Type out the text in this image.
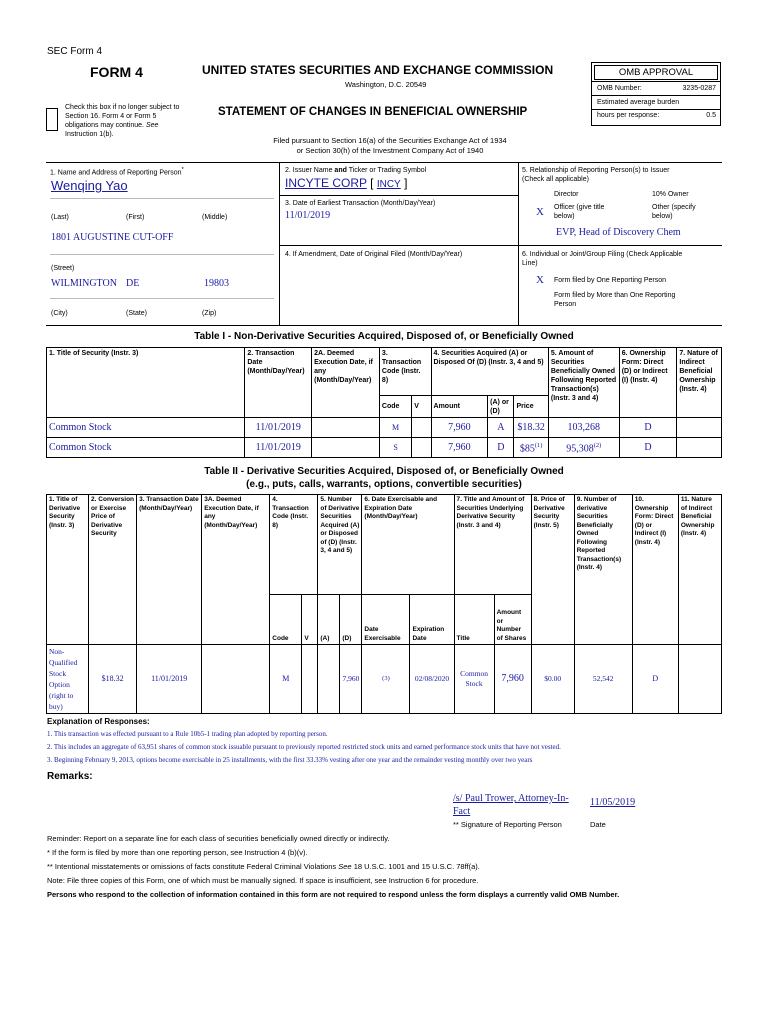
SEC Form 4
FORM 4	UNITED STATES SECURITIES AND EXCHANGE COMMISSION
Washington, D.C. 20549
Check this box if no longer subject to
Section 16. Form 4 or Form 5
obligations may continue. See
Instruction 1(b).
STATEMENT OF CHANGES IN BENEFICIAL OWNERSHIP
Filed pursuant to Section 16(a) of the Securities Exchange Act of 1934
or Section 30(h) of the Investment Company Act of 1940
OMB APPROVAL
OMB Number:	3235-0287
Estimated average burden
hours per response:	0.5
1. Name and Address of Reporting Person*
Wenqing Yao
(Last)	(First)	(Middle)
1801 AUGUSTINE CUT-OFF
(Street)
WILMINGTON DE	19803
(City)	(State)	(Zip)
2. Issuer Name and Ticker or Trading Symbol
INCYTE CORP [ INCY ]
3. Date of Earliest Transaction (Month/Day/Year)
11/01/2019
4. If Amendment, Date of Original Filed (Month/Day/Year)
5. Relationship of Reporting Person(s) to Issuer
(Check all applicable)
Director	10% Owner
X Officer (give title
below)
Other (specify
below)
EVP, Head of Discovery Chem
6. Individual or Joint/Group Filing (Check Applicable
Line)
X Form filed by One Reporting Person
Form filed by More than One Reporting
Person
Table I - Non-Derivative Securities Acquired, Disposed of, or Beneficially Owned
1. Title of Security (Instr. 3)	2. Transaction Date (Month/Day/Year)	2A. Deemed Execution Date, if any (Month/Day/Year)	3. Transaction Code (Instr. 8)		4. Securities Acquired (A) or Disposed Of (D) (Instr. 3, 4 and 5)			5. Amount of Securities Beneficially Owned Following Reported Transaction(s) (Instr. 3 and 4)	6. Ownership Form: Direct (D) or Indirect (I) (Instr. 4)	7. Nature of Indirect Beneficial Ownership (Instr. 4)
			Code	V	Amount	(A) or (D)	Price			
Common Stock	11/01/2019		M		7,960	A	$18.32	103,268	D	
Common Stock	11/01/2019		S		7,960	D	$85$^{(1)}$	95,308$^{(2)}$	D	
Table II - Derivative Securities Acquired, Disposed of, or Beneficially Owned
(e.g., puts, calls, warrants, options, convertible securities)
1. Title of Derivative Security (Instr. 3)	2. Conversion or Exercise Price of Derivative Security	3. Transaction Date (Month/Day/Year)	3A. Deemed Execution Date, if any (Month/Day/Year)	4. Transaction Code (Instr. 8)		5. Number of Derivative Securities Acquired (A) or Disposed of (D) (Instr. 3, 4 and 5)		6. Date Exercisable and Expiration Date (Month/Day/Year)		7. Title and Amount of Securities Underlying Derivative Security (Instr. 3 and 4)		8. Price of Derivative Security (Instr. 5)	9. Number of derivative Securities Beneficially Owned Following Reported Transaction(s) (Instr. 4)	10. Ownership Form: Direct (D) or Indirect (I) (Instr. 4)	11. Nature of Indirect Beneficial Ownership (Instr. 4)
				Code	V	(A)	(D)	Date Exercisable	Expiration Date	Title	Amount or Number of Shares				
Non-Qualified Stock Option (right to buy)	$18.32	11/01/2019		M			7,960	(3)	02/08/2020	Common Stock	7,960	$0.00	52,542	D	
Explanation of Responses:
1. This transaction was effected pursuant to a Rule 10b5-1 trading plan adopted by reporting person.
2. This includes an aggregate of 63,951 shares of common stock issuable pursuant to previously reported restricted stock units and earned performance stock units that have not vested.
3. Beginning February 9, 2013, options become exercisable in 25 installments, with the first 33.33% vesting after one year and the remainder vesting monthly over two years
Remarks:
/s/ Paul Trower, Attorney-In-
Fact
11/05/2019
** Signature of Reporting Person	Date
Reminder: Report on a separate line for each class of securities beneficially owned directly or indirectly.
* If the form is filed by more than one reporting person, see Instruction 4 (b)(v).
** Intentional misstatements or omissions of facts constitute Federal Criminal Violations See 18 U.S.C. 1001 and 15 U.S.C. 78ff(a).
Note: File three copies of this Form, one of which must be manually signed. If space is insufficient, see Instruction 6 for procedure.
Persons who respond to the collection of information contained in this form are not required to respond unless the form displays a currently valid OMB Number.
